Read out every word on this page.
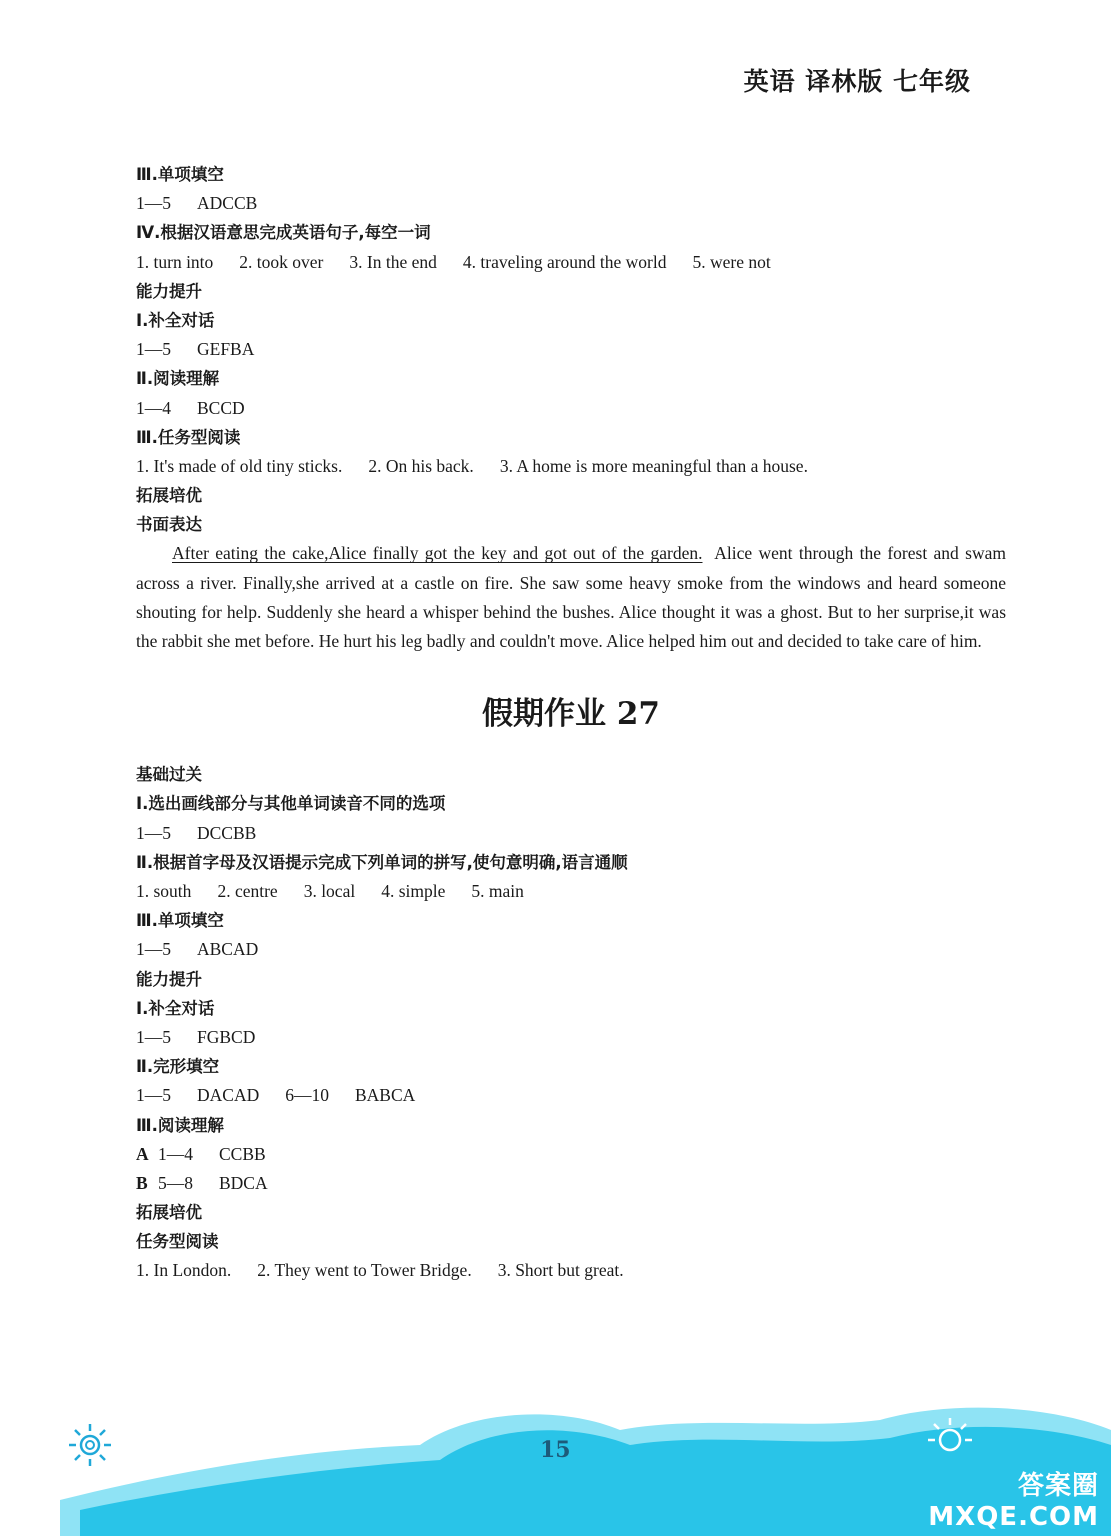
英语 译林版 七年级
Ⅲ.单项填空
1—5 ADCCB
Ⅳ.根据汉语意思完成英语句子,每空一词
1. turn into 2. took over 3. In the end 4. traveling around the world 5. were not
能力提升
Ⅰ.补全对话
1—5 GEFBA
Ⅱ.阅读理解
1—4 BCCD
Ⅲ.任务型阅读
1. It's made of old tiny sticks. 2. On his back. 3. A home is more meaningful than a house.
拓展培优
书面表达
After eating the cake,Alice finally got the key and got out of the garden. Alice went through the forest and swam across a river. Finally,she arrived at a castle on fire. She saw some heavy smoke from the windows and heard someone shouting for help. Suddenly she heard a whisper behind the bushes. Alice thought it was a ghost. But to her surprise,it was the rabbit she met before. He hurt his leg badly and couldn't move. Alice helped him out and decided to take care of him.
假期作业 27
基础过关
Ⅰ.选出画线部分与其他单词读音不同的选项
1—5 DCCBB
Ⅱ.根据首字母及汉语提示完成下列单词的拼写,使句意明确,语言通顺
1. south 2. centre 3. local 4. simple 5. main
Ⅲ.单项填空
1—5 ABCAD
能力提升
Ⅰ.补全对话
1—5 FGBCD
Ⅱ.完形填空
1—5 DACAD 6—10 BABCA
Ⅲ.阅读理解
A 1—4 CCBB
B 5—8 BDCA
拓展培优
任务型阅读
1. In London. 2. They went to Tower Bridge. 3. Short but great.
15
答案圈
MXQE.COM
